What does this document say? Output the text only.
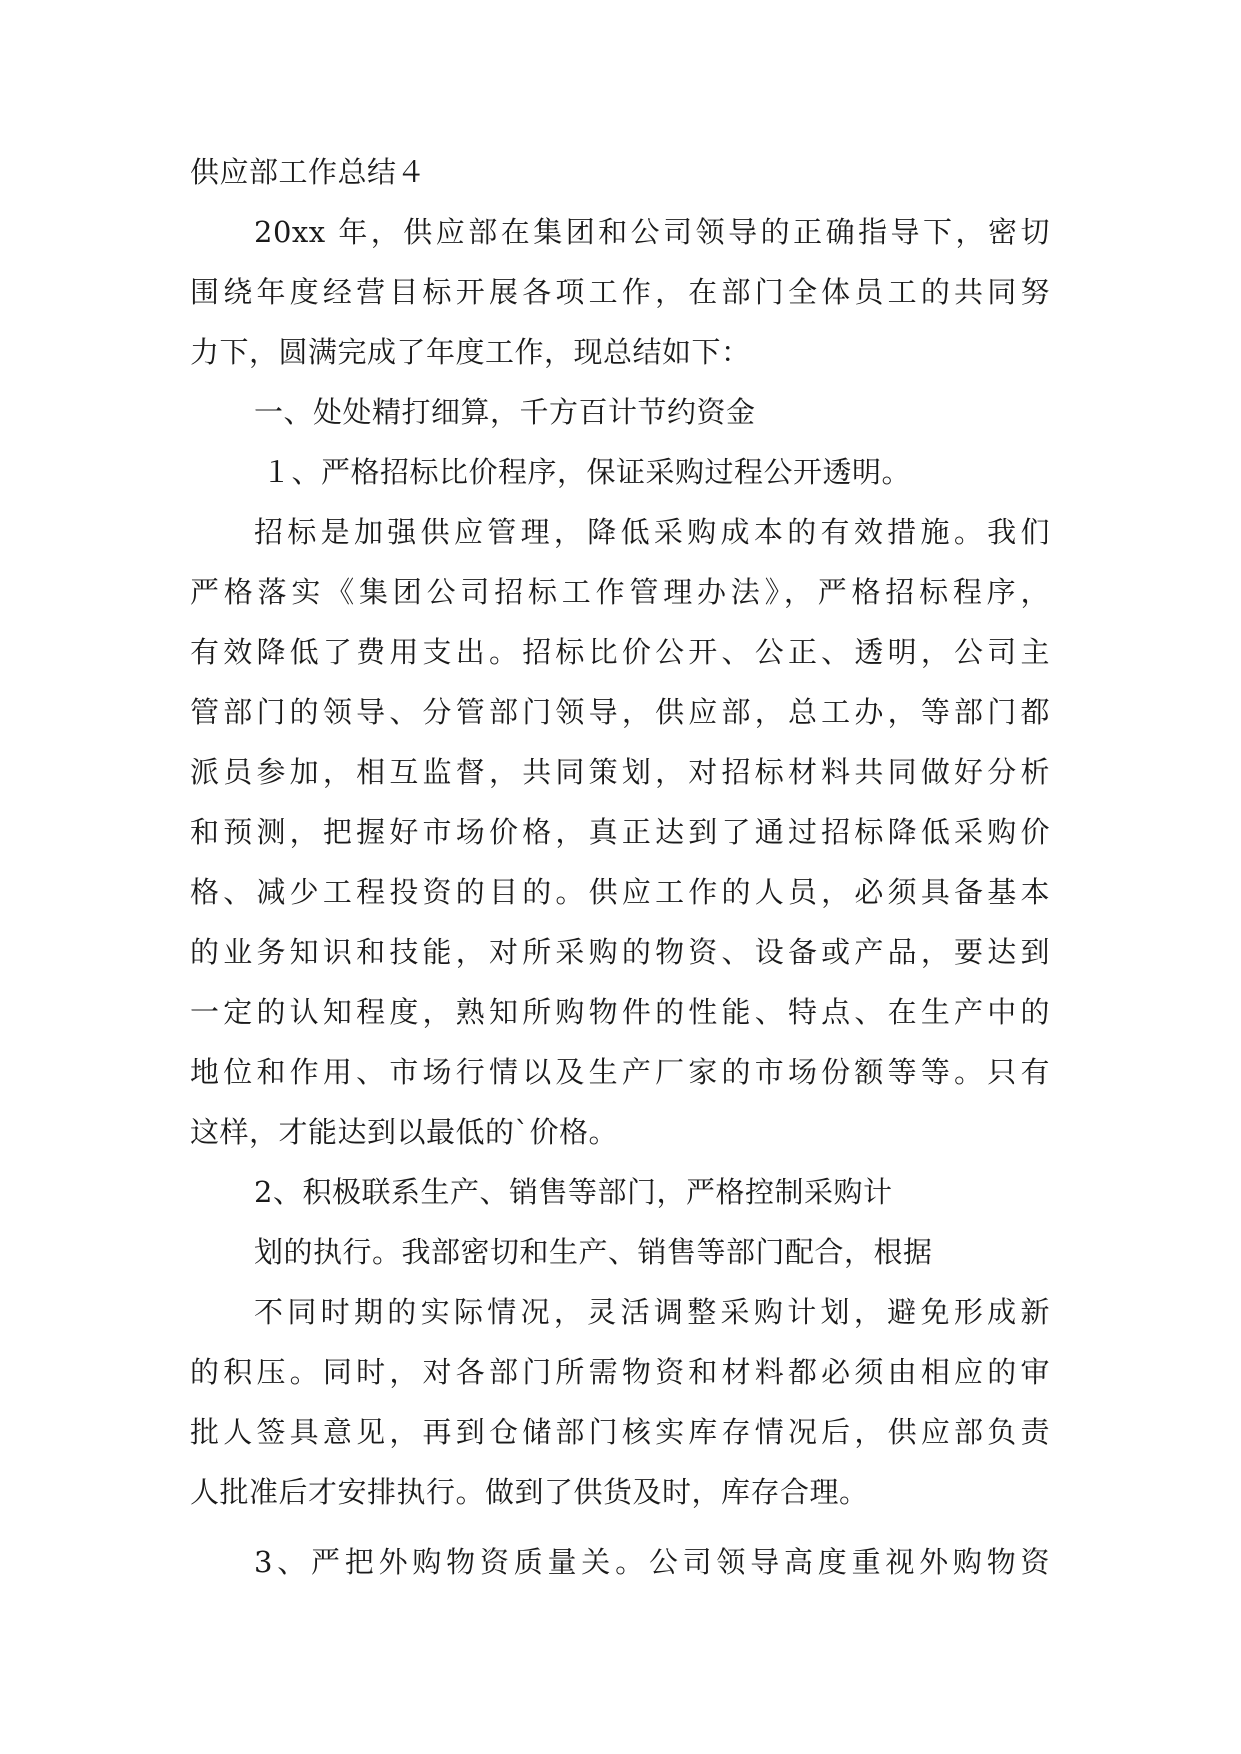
供应部工作总结４
20xx 年，供应部在集团和公司领导的正确指导下，密切
围绕年度经营目标开展各项工作，在部门全体员工的共同努
力下，圆满完成了年度工作，现总结如下：
一、处处精打细算，千方百计节约资金
１、严格招标比价程序，保证采购过程公开透明。
招标是加强供应管理，降低采购成本的有效措施。我们
严格落实《集团公司招标工作管理办法》，严格招标程序，
有效降低了费用支出。招标比价公开、公正、透明，公司主
管部门的领导、分管部门领导，供应部，总工办，等部门都
派员参加，相互监督，共同策划，对招标材料共同做好分析
和预测，把握好市场价格，真正达到了通过招标降低采购价
格、减少工程投资的目的。供应工作的人员，必须具备基本
的业务知识和技能，对所采购的物资、设备或产品，要达到
一定的认知程度，熟知所购物件的性能、特点、在生产中的
地位和作用、市场行情以及生产厂家的市场份额等等。只有
这样，才能达到以最低的`价格。
2、积极联系生产、销售等部门，严格控制采购计
划的执行。我部密切和生产、销售等部门配合，根据
不同时期的实际情况，灵活调整采购计划，避免形成新
的积压。同时，对各部门所需物资和材料都必须由相应的审
批人签具意见，再到仓储部门核实库存情况后，供应部负责
人批准后才安排执行。做到了供货及时，库存合理。
3、严把外购物资质量关。公司领导高度重视外购物资
